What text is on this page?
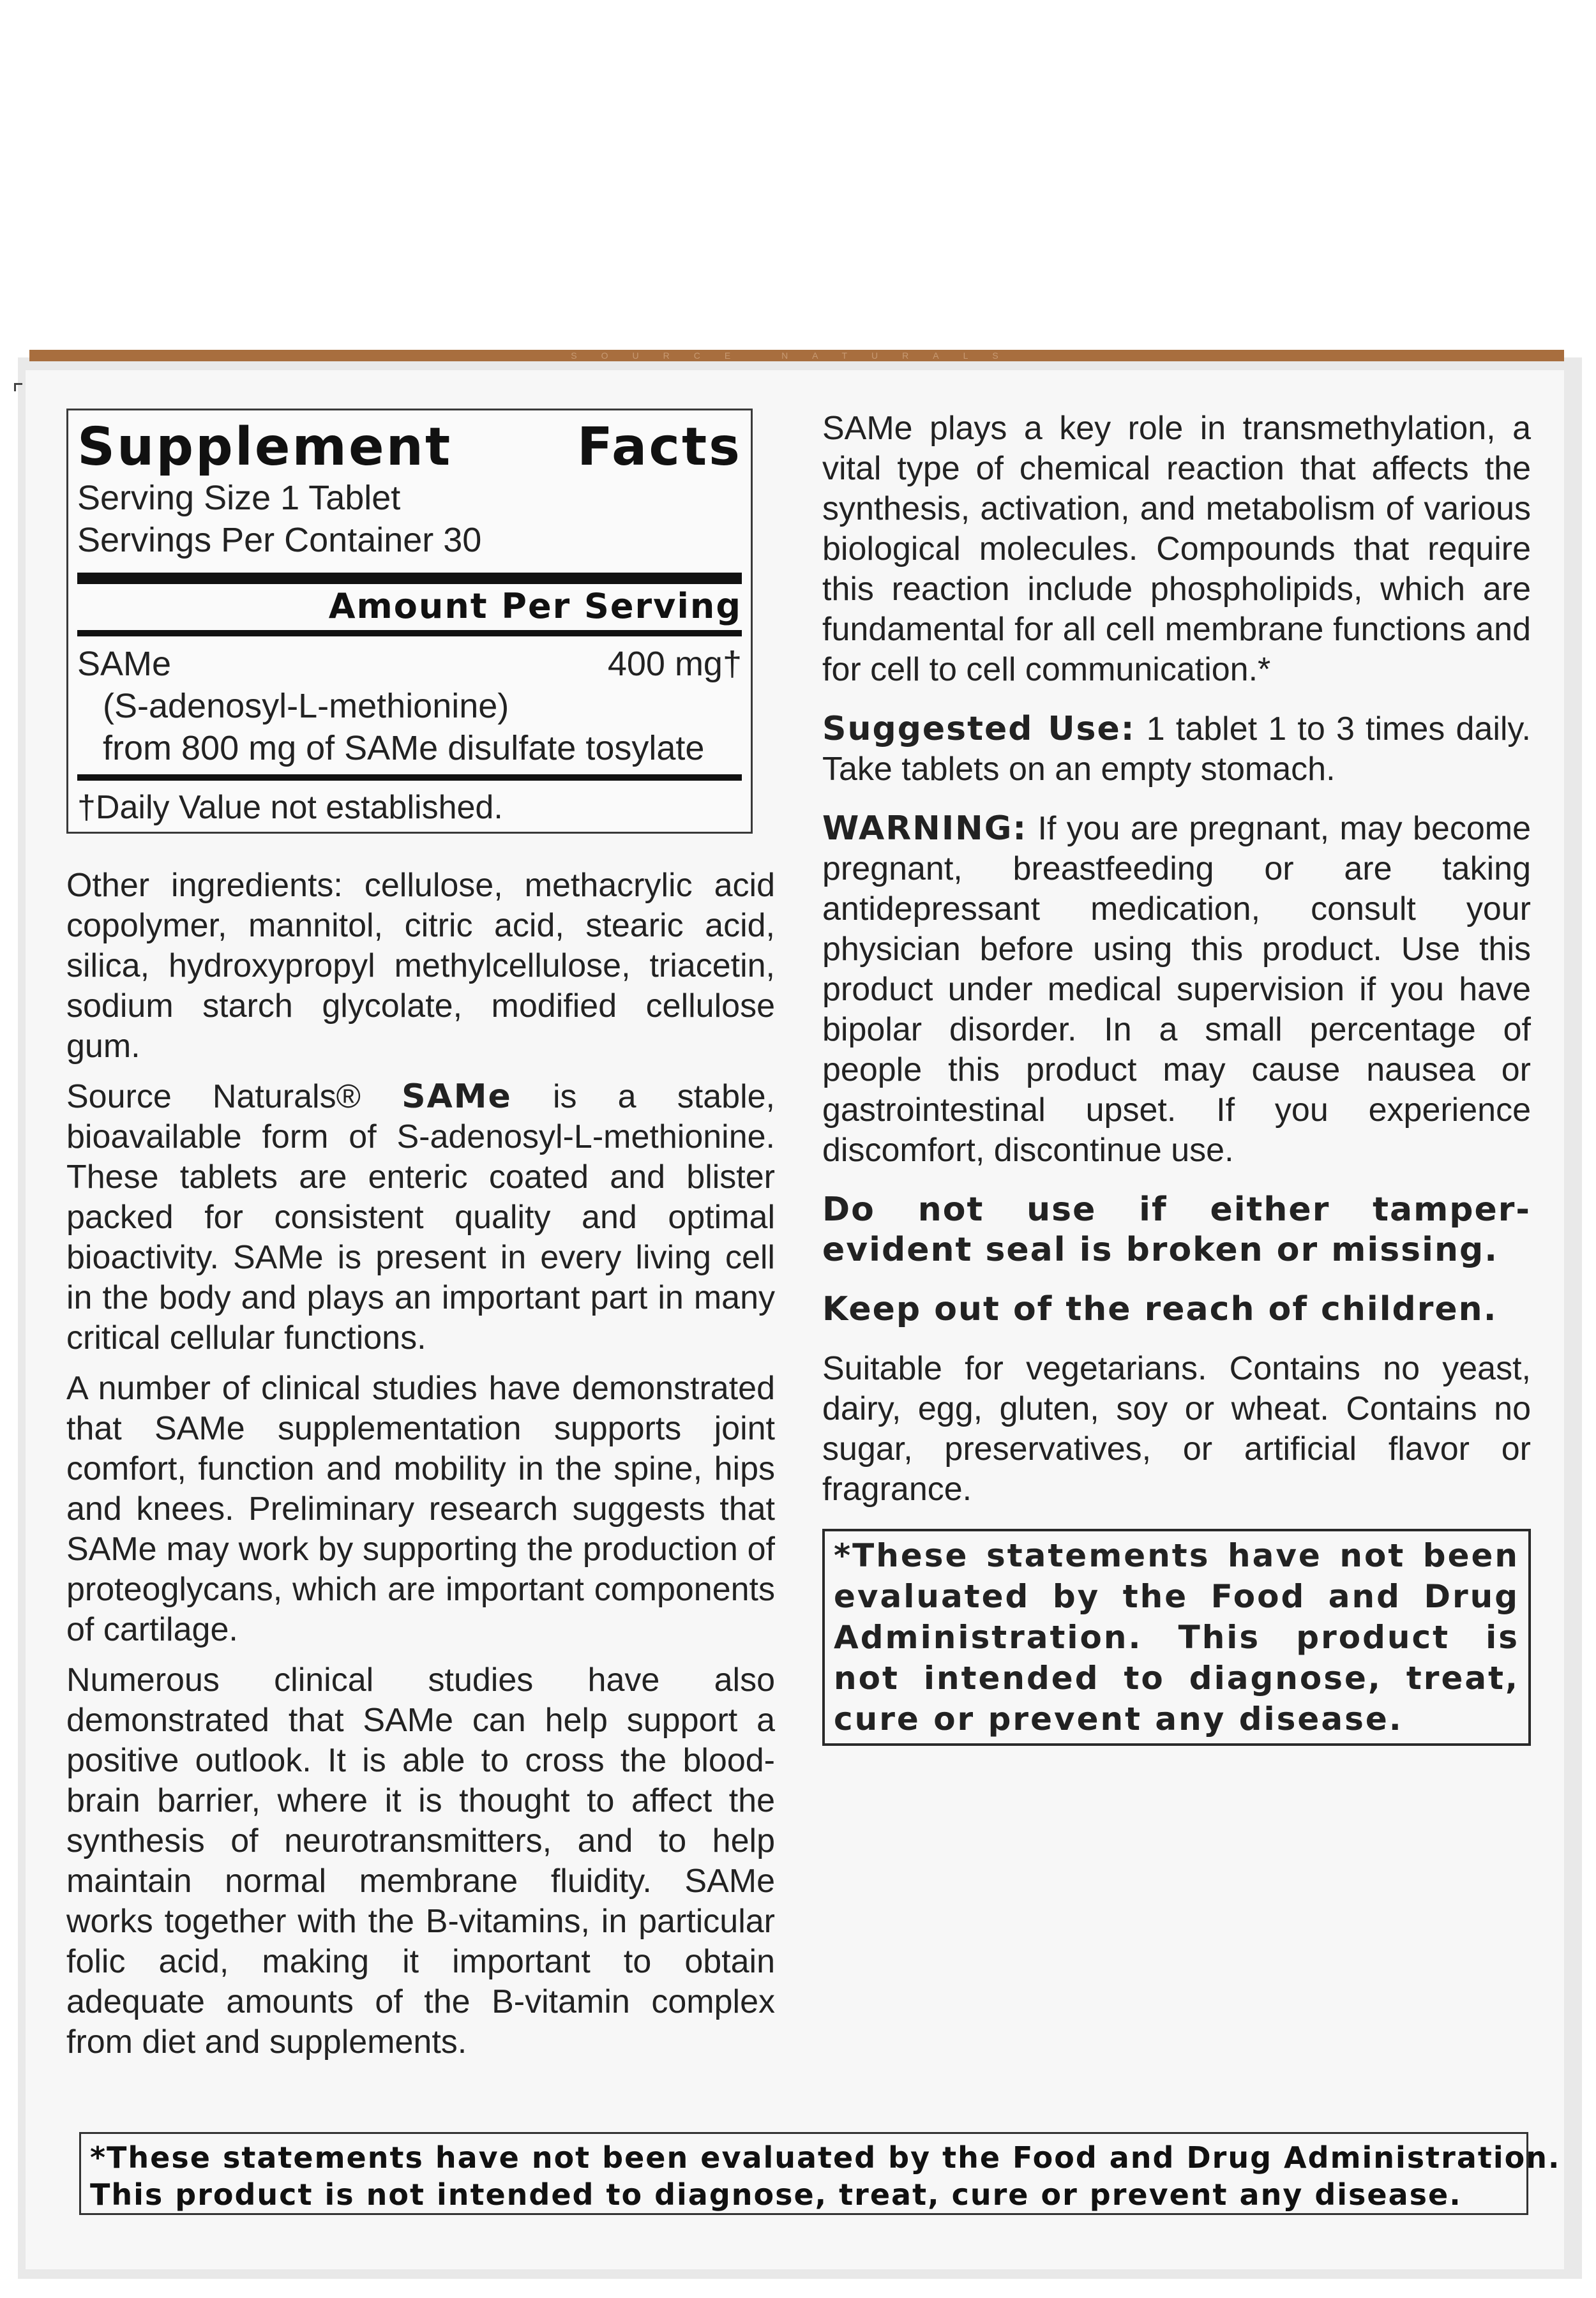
SOURCE NATURALS
Supplement Facts
Serving Size 1 Tablet
Servings Per Container 30
Amount Per Serving
SAMe	400 mg†
(S-adenosyl-L-methionine)
from 800 mg of SAMe disulfate tosylate
†Daily Value not established.

Other ingredients: cellulose, methacrylic acid copolymer, mannitol, citric acid, stearic acid, silica, hydroxypropyl methylcellulose, triacetin, sodium starch glycolate, modified cellulose gum.

Source Naturals® SAMe is a stable, bioavailable form of S-adenosyl-L-methionine. These tablets are enteric coated and blister packed for consistent quality and optimal bioactivity. SAMe is present in every living cell in the body and plays an important part in many critical cellular functions.

A number of clinical studies have demonstrated that SAMe supplementation supports joint comfort, function and mobility in the spine, hips and knees. Preliminary research suggests that SAMe may work by supporting the production of proteoglycans, which are important components of cartilage.

Numerous clinical studies have also demonstrated that SAMe can help support a positive outlook. It is able to cross the blood-brain barrier, where it is thought to affect the synthesis of neurotransmitters, and to help maintain normal membrane fluidity. SAMe works together with the B-vitamins, in particular folic acid, making it important to obtain adequate amounts of the B-vitamin complex from diet and supplements.

SAMe plays a key role in transmethylation, a vital type of chemical reaction that affects the synthesis, activation, and metabolism of various biological molecules. Compounds that require this reaction include phospholipids, which are fundamental for all cell membrane functions and for cell to cell communication.*

Suggested Use: 1 tablet 1 to 3 times daily. Take tablets on an empty stomach.

WARNING: If you are pregnant, may become pregnant, breastfeeding or are taking antidepressant medication, consult your physician before using this product. Use this product under medical supervision if you have bipolar disorder. In a small percentage of people this product may cause nausea or gastrointestinal upset. If you experience discomfort, discontinue use.

Do not use if either tamper-evident seal is broken or missing.

Keep out of the reach of children.

Suitable for vegetarians. Contains no yeast, dairy, egg, gluten, soy or wheat. Contains no sugar, preservatives, or artificial flavor or fragrance.

*These statements have not been evaluated by the Food and Drug Administration. This product is not intended to diagnose, treat, cure or prevent any disease.
*These statements have not been evaluated by the Food and Drug Administration.
This product is not intended to diagnose, treat, cure or prevent any disease.
